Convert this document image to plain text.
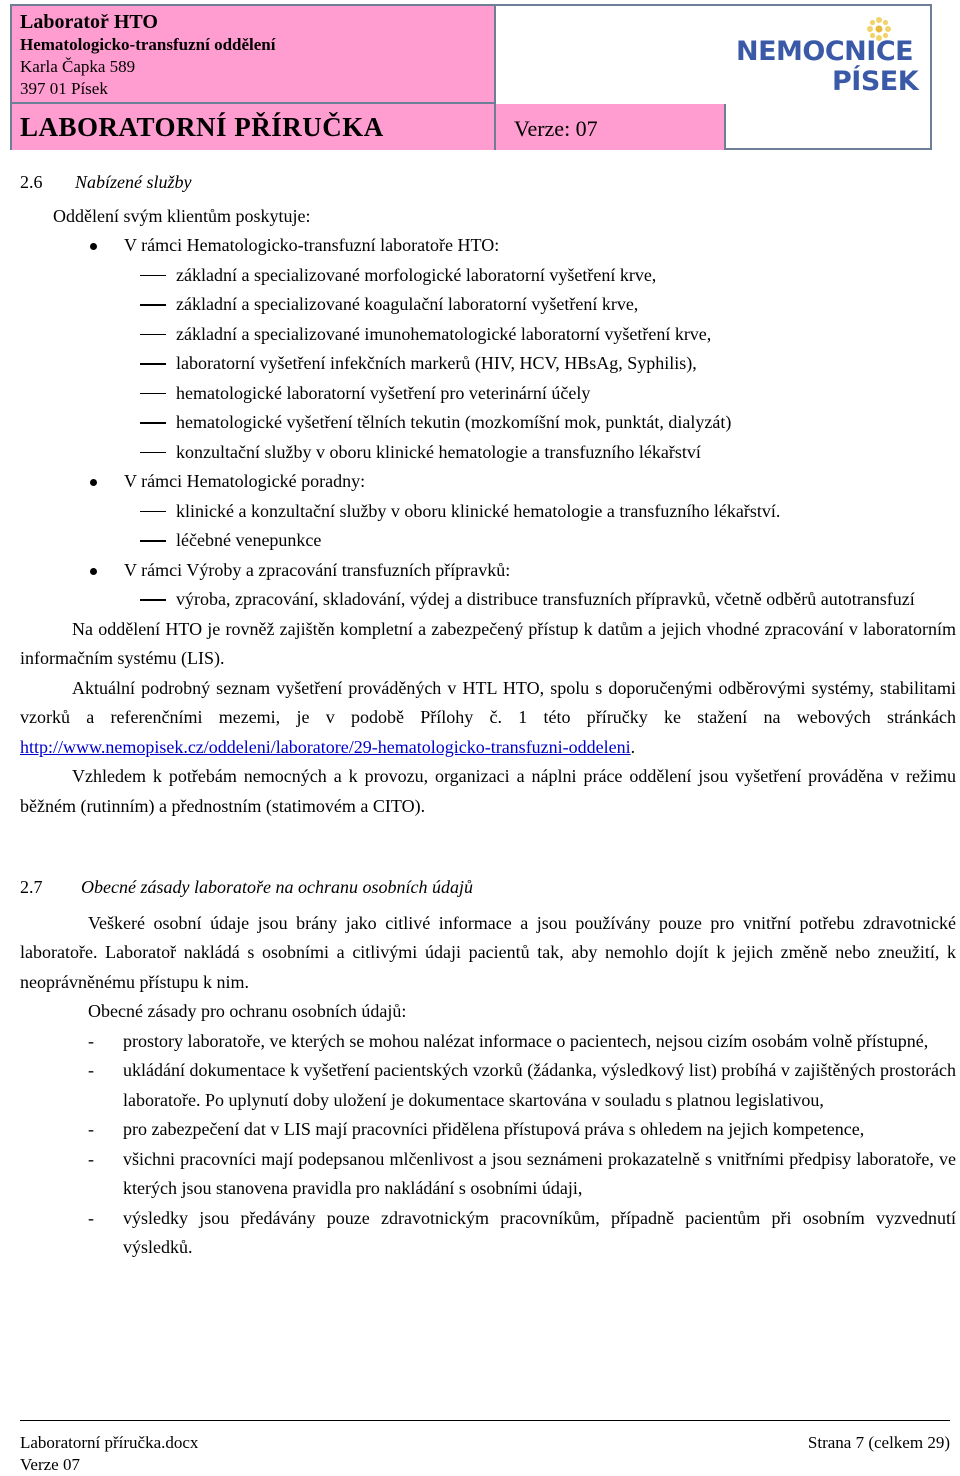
Laboratoř HTO
Hematologicko-transfuzní oddělení
Karla Čapka 589
397 01 Písek
LABORATORNÍ PŘÍRUČKA	Verze: 07
NEMOCNICE
PÍSEK
2.6 Nabízené služby

Oddělení svým klientům poskytuje:

V rámci Hematologicko-transfuzní laboratoře HTO:
základní a specializované morfologické laboratorní vyšetření krve,
základní a specializované koagulační laboratorní vyšetření krve,
základní a specializované imunohematologické laboratorní vyšetření krve,
laboratorní vyšetření infekčních markerů (HIV, HCV, HBsAg, Syphilis),
hematologické laboratorní vyšetření pro veterinární účely
hematologické vyšetření tělních tekutin (mozkomíšní mok, punktát, dialyzát)
konzultační služby v oboru klinické hematologie a transfuzního lékařství
V rámci Hematologické poradny:
klinické a konzultační služby v oboru klinické hematologie a transfuzního lékařství.
léčebné venepunkce
V rámci Výroby a zpracování transfuzních přípravků:
výroba, zpracování, skladování, výdej a distribuce transfuzních přípravků, včetně odběrů autotransfuzí

Na oddělení HTO je rovněž zajištěn kompletní a zabezpečený přístup k datům a jejich vhodné zpracování v laboratorním informačním systému (LIS).

Aktuální podrobný seznam vyšetření prováděných v HTL HTO, spolu s doporučenými odběrovými systémy, stabilitami vzorků a referenčními mezemi, je v podobě Přílohy č. 1 této příručky ke stažení na webových stránkách http://www.nemopisek.cz/oddeleni/laboratore/29-hematologicko-transfuzni-oddeleni.

Vzhledem k potřebám nemocných a k provozu, organizaci a náplni práce oddělení jsou vyšetření prováděna v režimu běžném (rutinním) a přednostním (statimovém a CITO).

2.7 Obecné zásady laboratoře na ochranu osobních údajů

Veškeré osobní údaje jsou brány jako citlivé informace a jsou používány pouze pro vnitřní potřebu zdravotnické laboratoře. Laboratoř nakládá s osobními a citlivými údaji pacientů tak, aby nemohlo dojít k jejich změně nebo zneužití, k neoprávněnému přístupu k nim.

Obecné zásady pro ochranu osobních údajů:

- prostory laboratoře, ve kterých se mohou nalézat informace o pacientech, nejsou cizím osobám volně přístupné,
- ukládání dokumentace k vyšetření pacientských vzorků (žádanka, výsledkový list) probíhá v zajištěných prostorách laboratoře. Po uplynutí doby uložení je dokumentace skartována v souladu s platnou legislativou,
- pro zabezpečení dat v LIS mají pracovníci přidělena přístupová práva s ohledem na jejich kompetence,
- všichni pracovníci mají podepsanou mlčenlivost a jsou seznámeni prokazatelně s vnitřními předpisy laboratoře, ve kterých jsou stanovena pravidla pro nakládání s osobními údaji,
- výsledky jsou předávány pouze zdravotnickým pracovníkům, případně pacientům při osobním vyzvednutí výsledků.
Laboratorní příručka.docx	Strana 7 (celkem 29)
Verze 07
